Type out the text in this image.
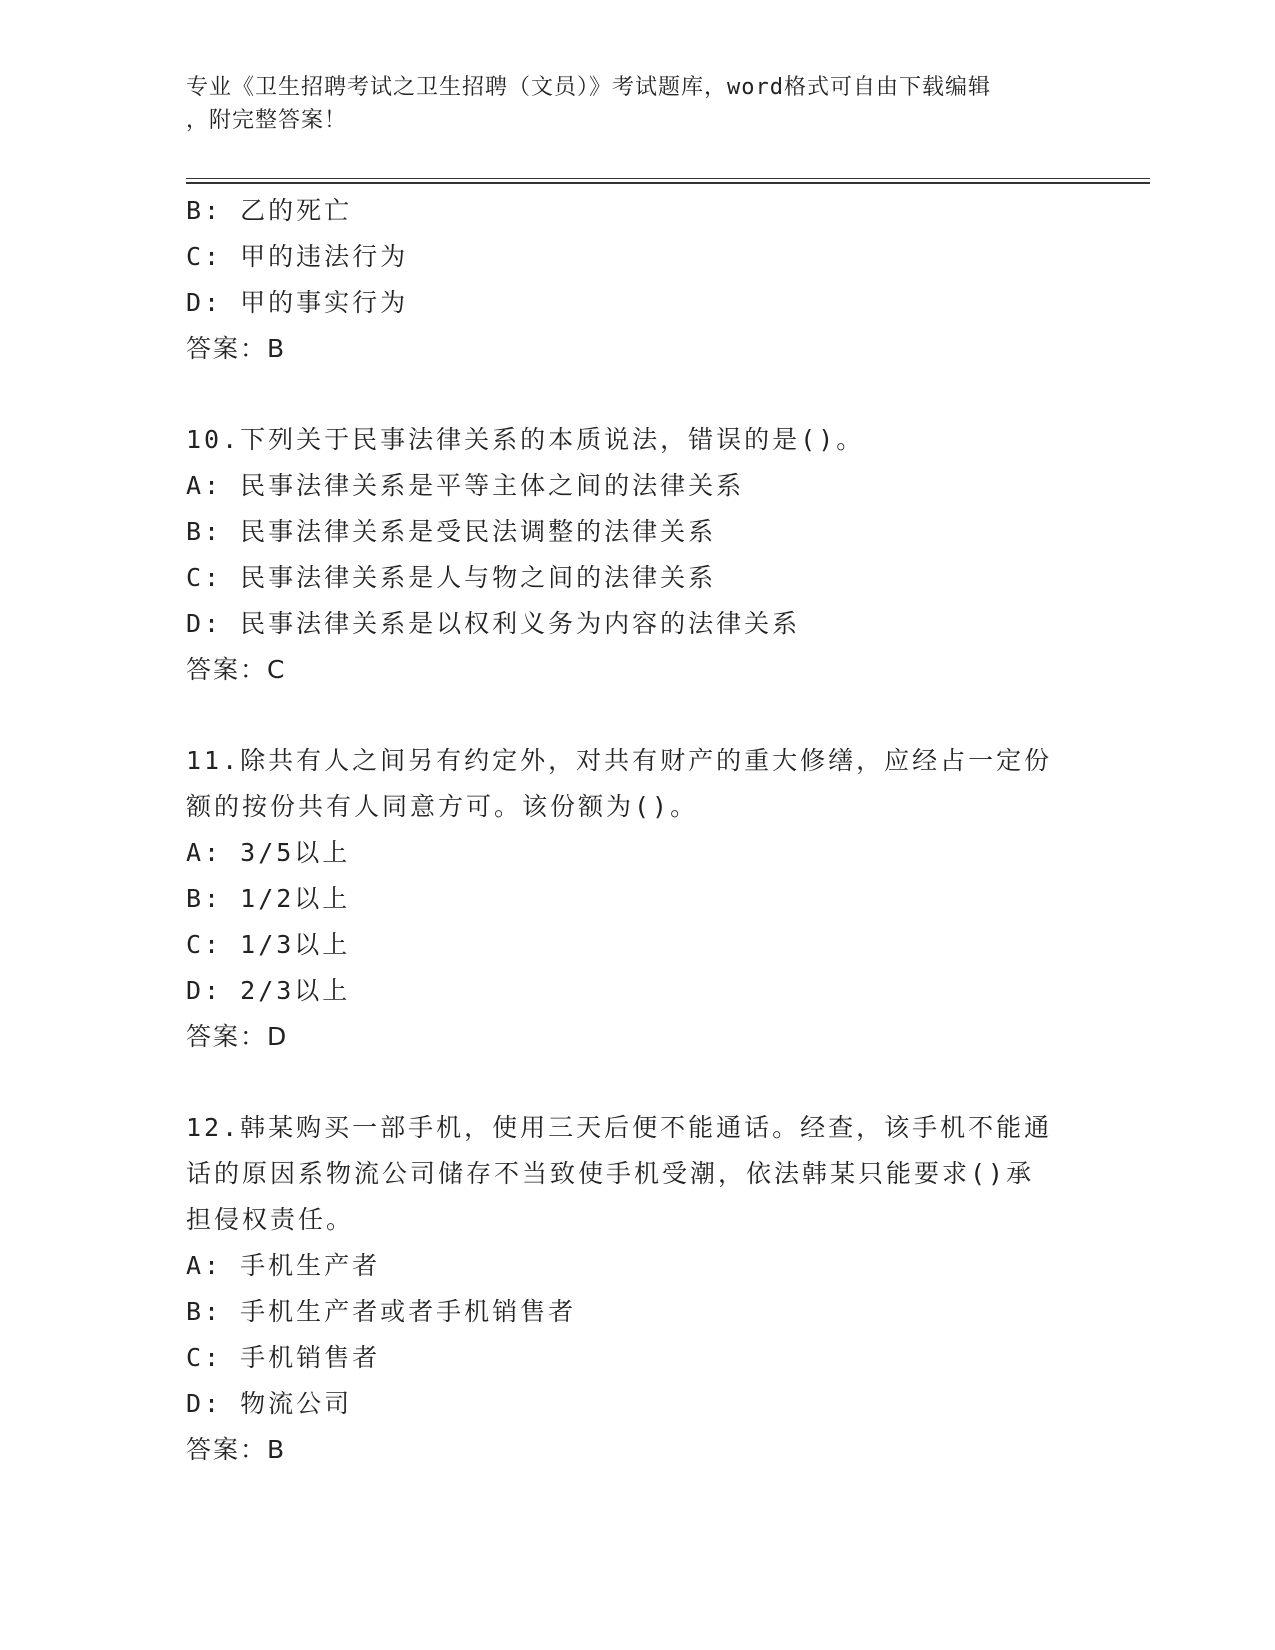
专业《卫生招聘考试之卫生招聘（文员）》考试题库，word格式可自由下载编辑
，附完整答案！
B: 乙的死亡
C: 甲的违法行为
D: 甲的事实行为
答案：B
10.下列关于民事法律关系的本质说法，错误的是()。
A: 民事法律关系是平等主体之间的法律关系
B: 民事法律关系是受民法调整的法律关系
C: 民事法律关系是人与物之间的法律关系
D: 民事法律关系是以权利义务为内容的法律关系
答案：C
11.除共有人之间另有约定外，对共有财产的重大修缮，应经占一定份
额的按份共有人同意方可。该份额为()。
A: 3/5以上
B: 1/2以上
C: 1/3以上
D: 2/3以上
答案：D
12.韩某购买一部手机，使用三天后便不能通话。经查，该手机不能通
话的原因系物流公司储存不当致使手机受潮，依法韩某只能要求()承
担侵权责任。
A: 手机生产者
B: 手机生产者或者手机销售者
C: 手机销售者
D: 物流公司
答案：B
